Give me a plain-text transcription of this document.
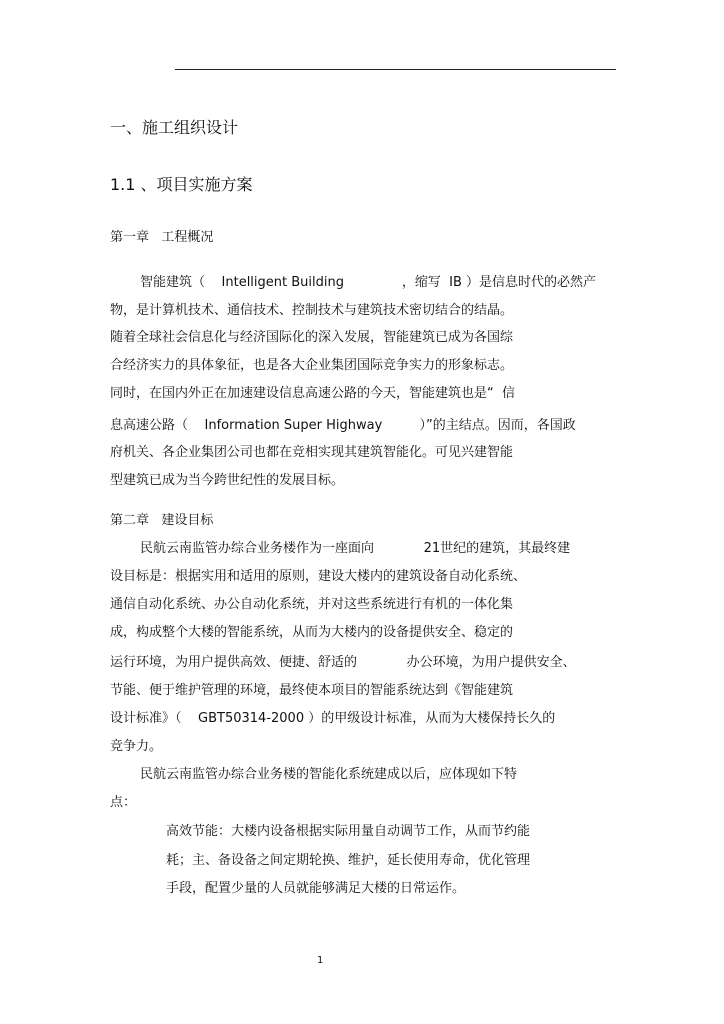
一、施工组织设计
1.1 、项目实施方案
第一章   工程概况
智能建筑（    Intelligent Building              ，缩写  IB ）是信息时代的必然产
物，是计算机技术、通信技术、控制技术与建筑技术密切结合的结晶。
随着全球社会信息化与经济国际化的深入发展，智能建筑已成为各国综
合经济实力的具体象征，也是各大企业集团国际竞争实力的形象标志。
同时，在国内外正在加速建设信息高速公路的今天，智能建筑也是“  信
息高速公路（    Information Super Highway         ）”的主结点。因而，各国政
府机关、各企业集团公司也都在竞相实现其建筑智能化。可见兴建智能
型建筑已成为当今跨世纪性的发展目标。
第二章   建设目标
民航云南监管办综合业务楼作为一座面向            21世纪的建筑，其最终建
设目标是：根据实用和适用的原则，建设大楼内的建筑设备自动化系统、
通信自动化系统、办公自动化系统，并对这些系统进行有机的一体化集
成，构成整个大楼的智能系统，从而为大楼内的设备提供安全、稳定的
运行环境，为用户提供高效、便捷、舒适的            办公环境，为用户提供安全、
节能、便于维护管理的环境，最终使本项目的智能系统达到《智能建筑
设计标准》（    GBT50314-2000 ）的甲级设计标准，从而为大楼保持长久的
竞争力。
民航云南监管办综合业务楼的智能化系统建成以后，应体现如下特
点：
高效节能：大楼内设备根据实际用量自动调节工作，从而节约能
耗；主、备设备之间定期轮换、维护，延长使用寿命，优化管理
手段，配置少量的人员就能够满足大楼的日常运作。
1
